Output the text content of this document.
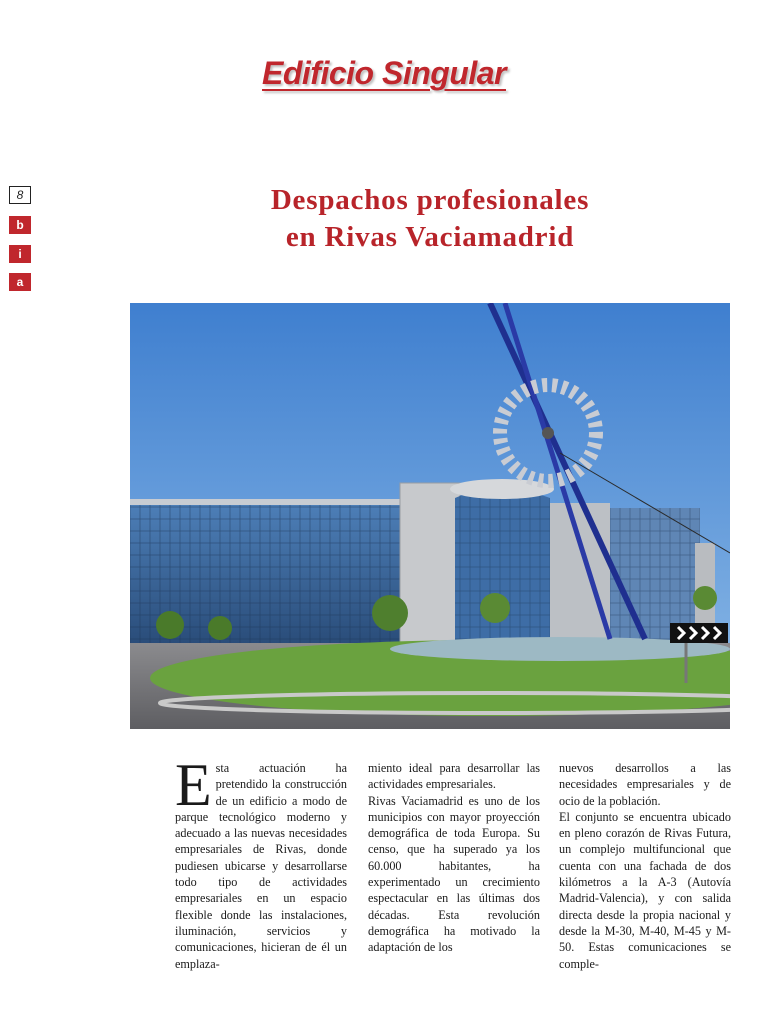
Edificio Singular
8
b
i
a
Despachos profesionales
en Rivas Vaciamadrid
E sta actuación ha pretendido la construcción de un edificio a modo de parque tecnológico moderno y adecuado a las nuevas necesidades empresariales de Rivas, donde pudiesen ubicarse y desarrollarse todo tipo de actividades empresariales en un espacio flexible donde las instalaciones, iluminación, servicios y comunicaciones, hicieran de él un emplaza-

miento ideal para desarrollar las actividades empresariales.

Rivas Vaciamadrid es uno de los municipios con mayor proyección demográfica de toda Europa. Su censo, que ha superado ya los 60.000 habitantes, ha experimentado un crecimiento espectacular en las últimas dos décadas. Esta revolución demográfica ha motivado la adaptación de los

nuevos desarrollos a las necesidades empresariales y de ocio de la población.

El conjunto se encuentra ubicado en pleno corazón de Rivas Futura, un complejo multifuncional que cuenta con una fachada de dos kilómetros a la A-3 (Autovía Madrid-Valencia), y con salida directa desde la propia nacional y desde la M-30, M-40, M-45 y M-50. Estas comunicaciones se comple-
